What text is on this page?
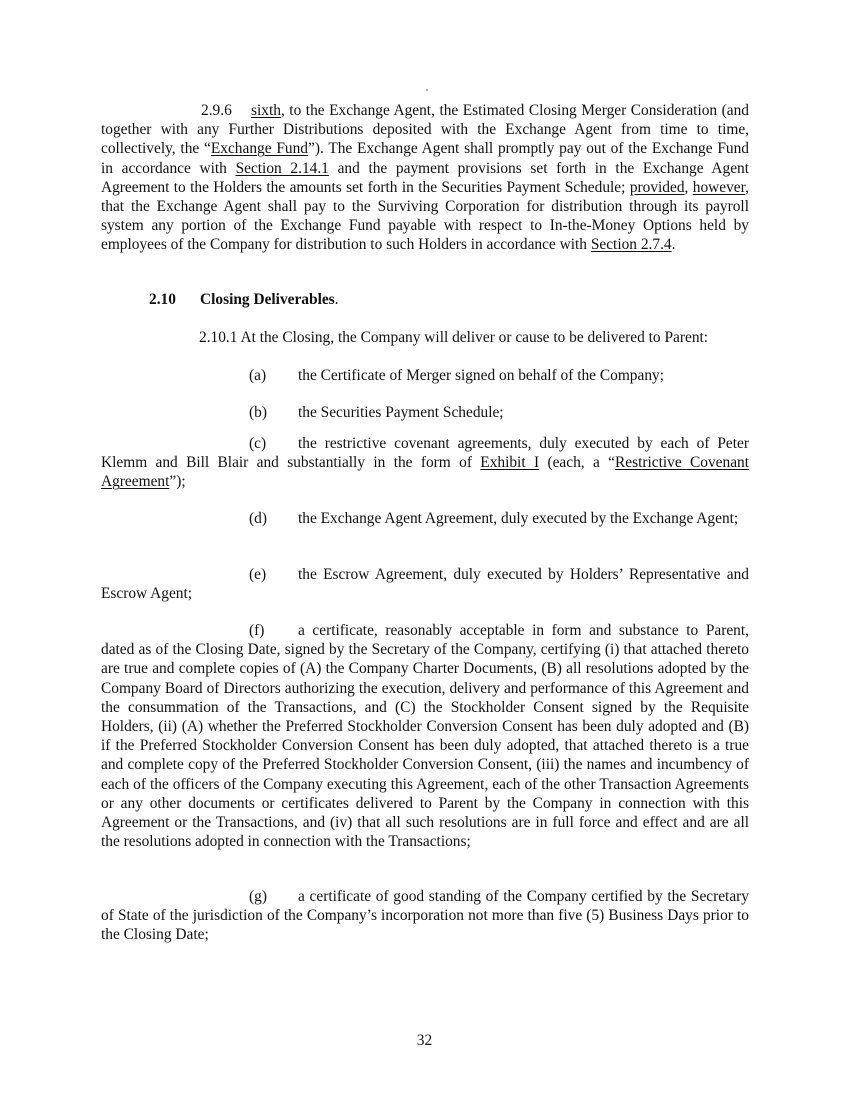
2.9.6 sixth, to the Exchange Agent, the Estimated Closing Merger Consideration (and together with any Further Distributions deposited with the Exchange Agent from time to time, collectively, the “Exchange Fund”). The Exchange Agent shall promptly pay out of the Exchange Fund in accordance with Section 2.14.1 and the payment provisions set forth in the Exchange Agent Agreement to the Holders the amounts set forth in the Securities Payment Schedule; provided, however, that the Exchange Agent shall pay to the Surviving Corporation for distribution through its payroll system any portion of the Exchange Fund payable with respect to In-the-Money Options held by employees of the Company for distribution to such Holders in accordance with Section 2.7.4.

2.10 Closing Deliverables.

2.10.1 At the Closing, the Company will deliver or cause to be delivered to Parent:

(a) the Certificate of Merger signed on behalf of the Company;

(b) the Securities Payment Schedule;

(c) the restrictive covenant agreements, duly executed by each of Peter Klemm and Bill Blair and substantially in the form of Exhibit I (each, a “Restrictive Covenant Agreement”);

(d) the Exchange Agent Agreement, duly executed by the Exchange Agent;

(e) the Escrow Agreement, duly executed by Holders’ Representative and Escrow Agent;

(f) a certificate, reasonably acceptable in form and substance to Parent, dated as of the Closing Date, signed by the Secretary of the Company, certifying (i) that attached thereto are true and complete copies of (A) the Company Charter Documents, (B) all resolutions adopted by the Company Board of Directors authorizing the execution, delivery and performance of this Agreement and the consummation of the Transactions, and (C) the Stockholder Consent signed by the Requisite Holders, (ii) (A) whether the Preferred Stockholder Conversion Consent has been duly adopted and (B) if the Preferred Stockholder Conversion Consent has been duly adopted, that attached thereto is a true and complete copy of the Preferred Stockholder Conversion Consent, (iii) the names and incumbency of each of the officers of the Company executing this Agreement, each of the other Transaction Agreements or any other documents or certificates delivered to Parent by the Company in connection with this Agreement or the Transactions, and (iv) that all such resolutions are in full force and effect and are all the resolutions adopted in connection with the Transactions;

(g) a certificate of good standing of the Company certified by the Secretary of State of the jurisdiction of the Company’s incorporation not more than five (5) Business Days prior to the Closing Date;

32
